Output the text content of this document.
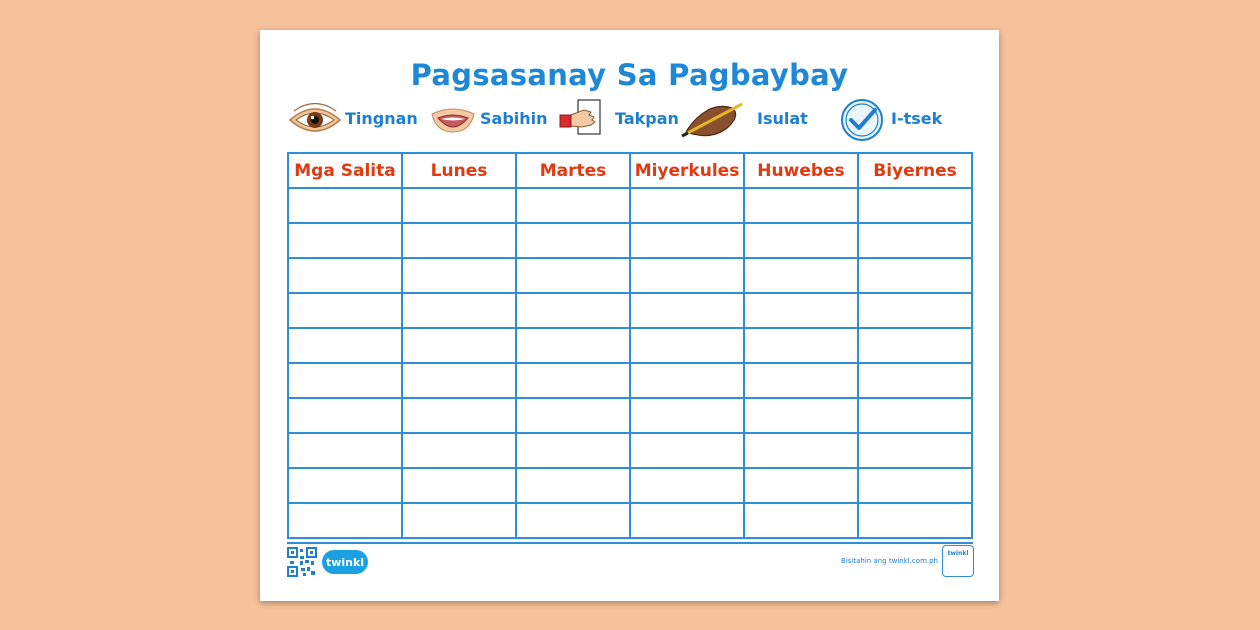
Pagsasanay Sa Pagbaybay
Tingnan	Sabihin	Takpan	Isulat	I-tsek
Mga Salita	Lunes	Martes	Miyerkules	Huwebes	Biyernes

twinkl	Bisitahin ang twinkl.com.ph
twinkl
